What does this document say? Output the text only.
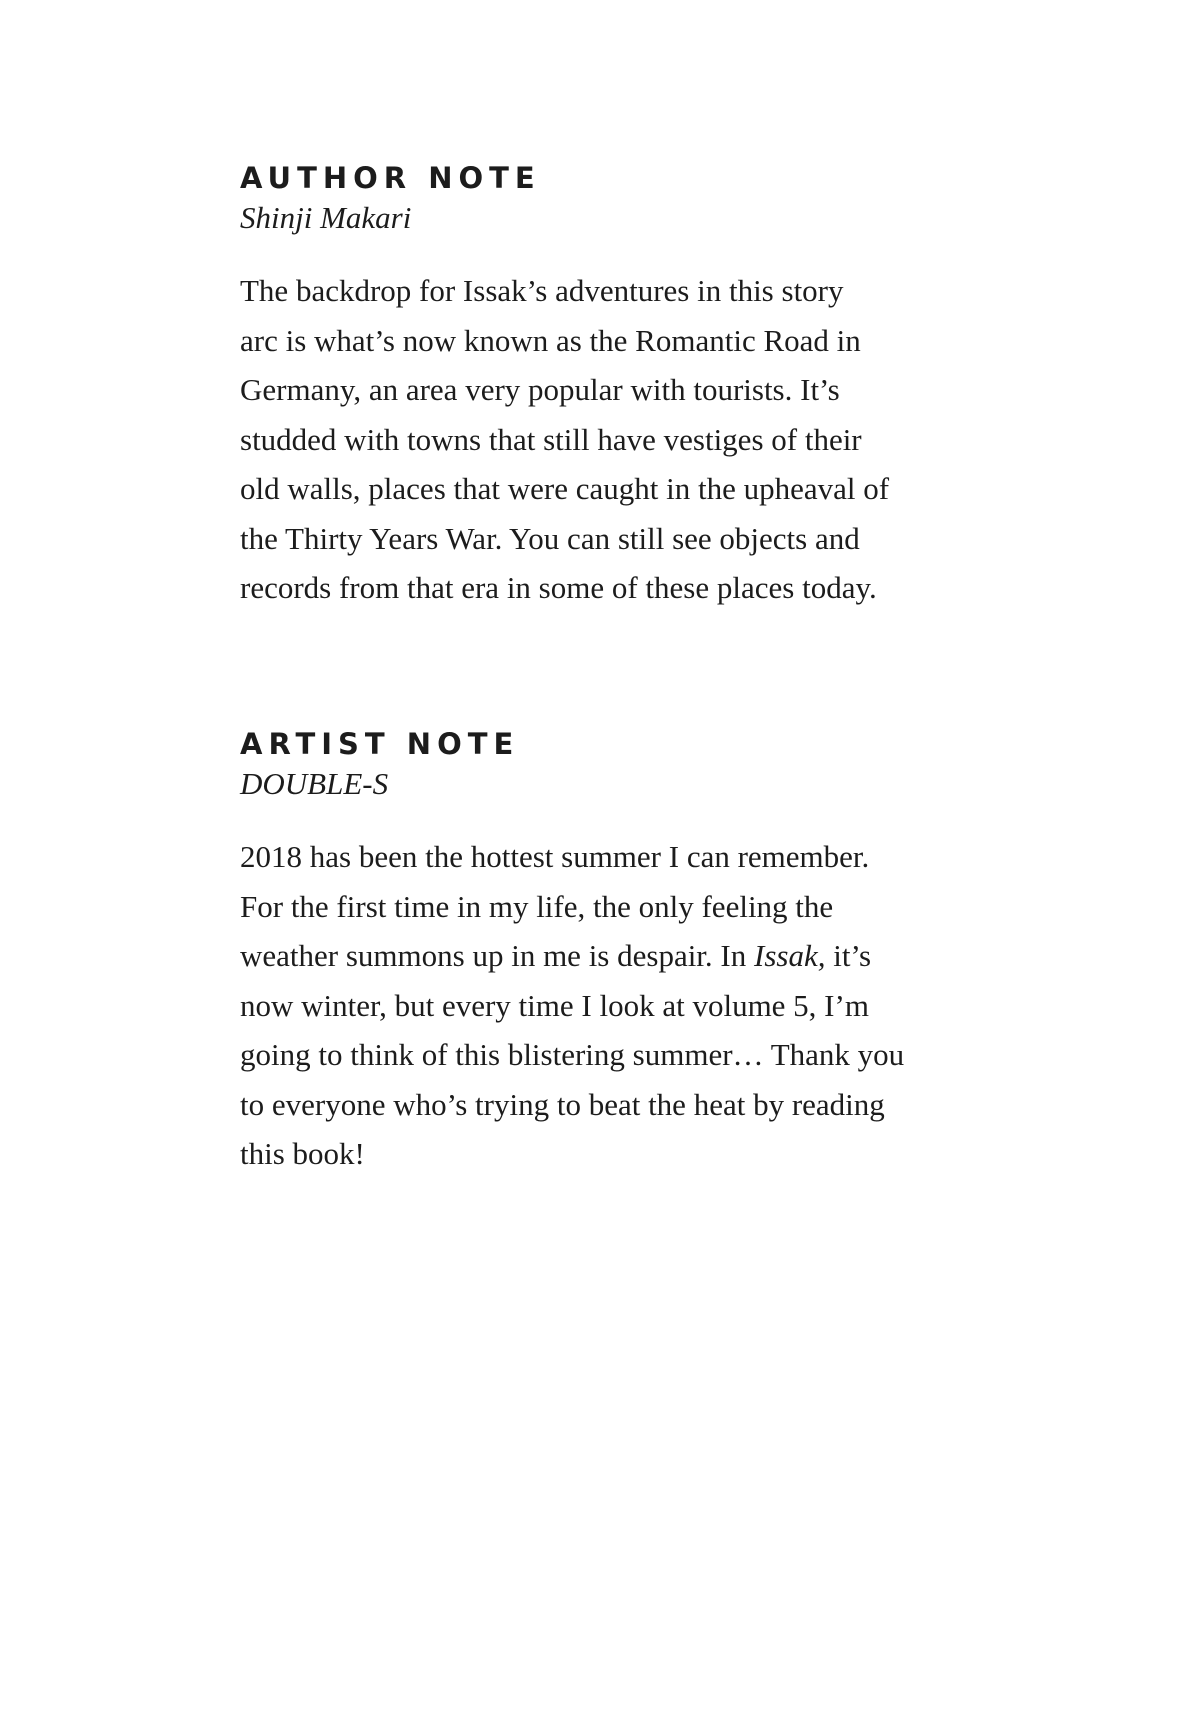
AUTHOR NOTE
Shinji Makari
The backdrop for Issak’s adventures in this story
arc is what’s now known as the Romantic Road in
Germany, an area very popular with tourists. It’s
studded with towns that still have vestiges of their
old walls, places that were caught in the upheaval of
the Thirty Years War. You can still see objects and
records from that era in some of these places today.
ARTIST NOTE
DOUBLE-S
2018 has been the hottest summer I can remember.
For the first time in my life, the only feeling the
weather summons up in me is despair. In Issak, it’s
now winter, but every time I look at volume 5, I’m
going to think of this blistering summer… Thank you
to everyone who’s trying to beat the heat by reading
this book!
